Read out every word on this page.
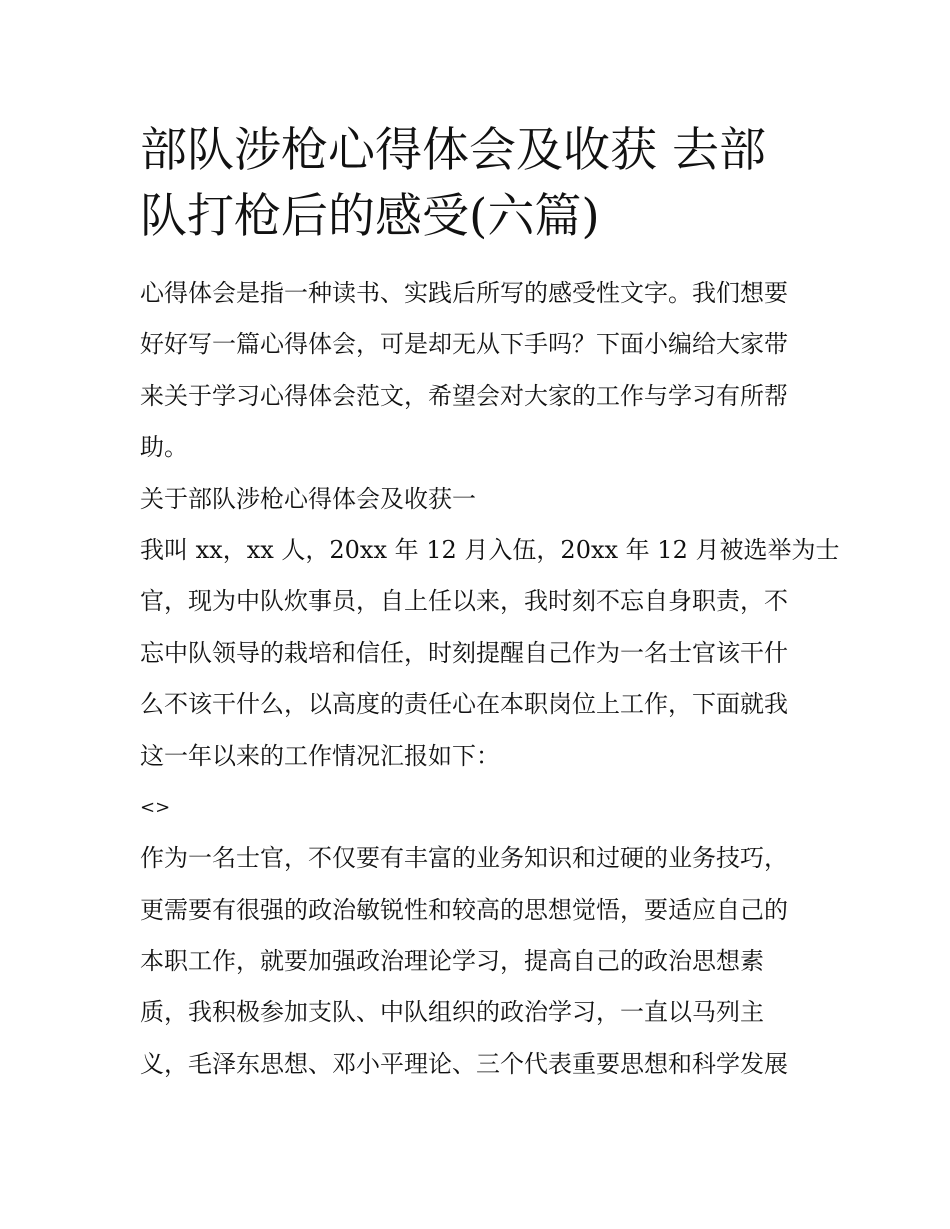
部队涉枪心得体会及收获 去部
队打枪后的感受(六篇)

心得体会是指一种读书、实践后所写的感受性文字。我们想要

好好写一篇心得体会，可是却无从下手吗？下面小编给大家带

来关于学习心得体会范文，希望会对大家的工作与学习有所帮

助。

关于部队涉枪心得体会及收获一

我叫 xx，xx 人，20xx 年 12 月入伍，20xx 年 12 月被选举为士

官，现为中队炊事员，自上任以来，我时刻不忘自身职责，不

忘中队领导的栽培和信任，时刻提醒自己作为一名士官该干什

么不该干什么，以高度的责任心在本职岗位上工作，下面就我

这一年以来的工作情况汇报如下：

<>

作为一名士官，不仅要有丰富的业务知识和过硬的业务技巧，

更需要有很强的政治敏锐性和较高的思想觉悟，要适应自己的

本职工作，就要加强政治理论学习，提高自己的政治思想素

质，我积极参加支队、中队组织的政治学习，一直以马列主

义，毛泽东思想、邓小平理论、三个代表重要思想和科学发展
